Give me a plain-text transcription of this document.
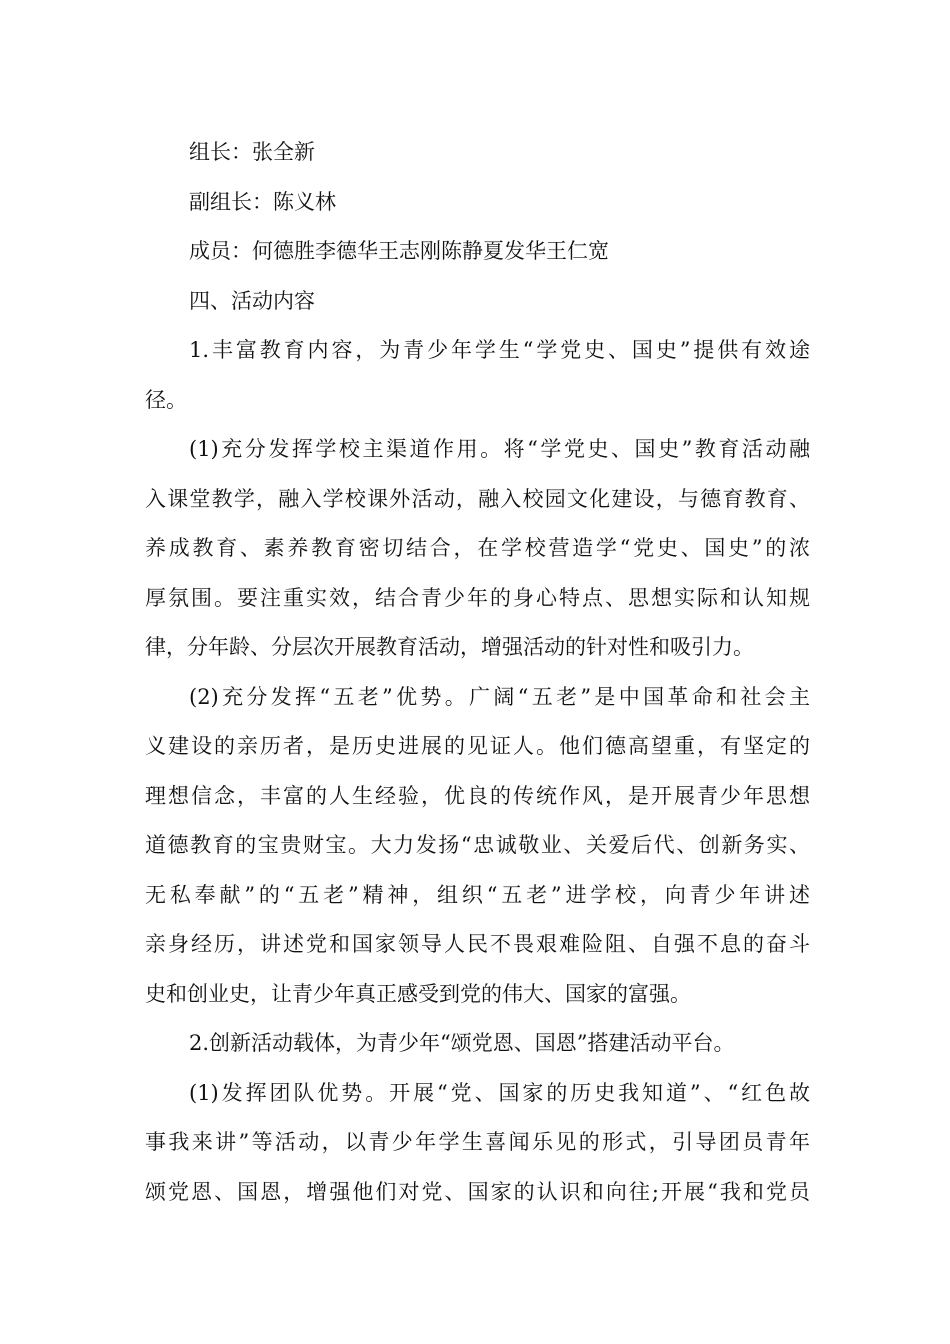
组长：张全新
副组长：陈义林
成员：何德胜李德华王志刚陈静夏发华王仁宽
四、活动内容
1.丰富教育内容，为青少年学生“学党史、国史”提供有效途
径。
(1)充分发挥学校主渠道作用。将“学党史、国史”教育活动融
入课堂教学，融入学校课外活动，融入校园文化建设，与德育教育、
养成教育、素养教育密切结合，在学校营造学“党史、国史”的浓
厚氛围。要注重实效，结合青少年的身心特点、思想实际和认知规
律，分年龄、分层次开展教育活动，增强活动的针对性和吸引力。
(2)充分发挥“五老”优势。广阔“五老”是中国革命和社会主
义建设的亲历者，是历史进展的见证人。他们德高望重，有坚定的
理想信念，丰富的人生经验，优良的传统作风，是开展青少年思想
道德教育的宝贵财宝。大力发扬“忠诚敬业、关爱后代、创新务实、
无私奉献”的“五老”精神，组织“五老”进学校，向青少年讲述
亲身经历，讲述党和国家领导人民不畏艰难险阻、自强不息的奋斗
史和创业史，让青少年真正感受到党的伟大、国家的富强。
2.创新活动载体，为青少年“颂党恩、国恩”搭建活动平台。
(1)发挥团队优势。开展“党、国家的历史我知道”、“红色故
事我来讲”等活动，以青少年学生喜闻乐见的形式，引导团员青年
颂党恩、国恩，增强他们对党、国家的认识和向往;开展“我和党员
